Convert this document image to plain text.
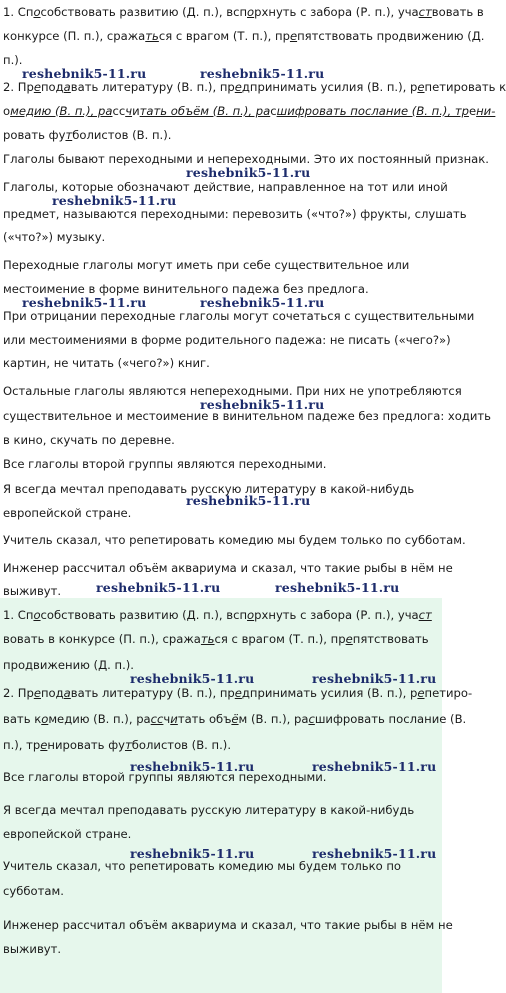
1. Способствовать развитию (Д. п.), вспорхнуть с забора (Р. п.), участвовать в
конкурсе (П. п.), сражаться с врагом (Т. п.), препятствовать продвижению (Д.
п.).
reshebnik5-11.ru	reshebnik5-11.ru
2. Преподавать литературу (В. п.), предпринимать усилия (В. п.), репетировать к
омедию (В. п.), рассчитать объём (В. п.), расшифровать послание (В. п.), трени-
ровать футболистов (В. п.).
Глаголы бывают переходными и непереходными. Это их постоянный признак.
reshebnik5-11.ru
Глаголы, которые обозначают действие, направленное на тот или иной
reshebnik5-11.ru
предмет, называются переходными: перевозить («что?») фрукты, слушать
(«что?») музыку.
Переходные глаголы могут иметь при себе существительное или
местоимение в форме винительного падежа без предлога.
reshebnik5-11.ru	reshebnik5-11.ru
При отрицании переходные глаголы могут сочетаться с существительными
или местоимениями в форме родительного падежа: не писать («чего?»)
картин, не читать («чего?») книг.
Остальные глаголы являются непереходными. При них не употребляются
reshebnik5-11.ru
существительное и местоимение в винительном падеже без предлога: ходить
в кино, скучать по деревне.
Все глаголы второй группы являются переходными.
Я всегда мечтал преподавать русскую литературу в какой-нибудь
reshebnik5-11.ru
европейской стране.
Учитель сказал, что репетировать комедию мы будем только по субботам.
Инженер рассчитал объём аквариума и сказал, что такие рыбы в нём не
выживут.	reshebnik5-11.ru	reshebnik5-11.ru
1. Способствовать развитию (Д. п.), вспорхнуть с забора (Р. п.), участ
вовать в конкурсе (П. п.), сражаться с врагом (Т. п.), препятствовать
продвижению (Д. п.).
reshebnik5-11.ru	reshebnik5-11.ru
2. Преподавать литературу (В. п.), предпринимать усилия (В. п.), репетиро-
вать комедию (В. п.), рассчитать объём (В. п.), расшифровать послание (В.
п.), тренировать футболистов (В. п.).
reshebnik5-11.ru	reshebnik5-11.ru
Все глаголы второй группы являются переходными.
Я всегда мечтал преподавать русскую литературу в какой-нибудь
европейской стране.
reshebnik5-11.ru	reshebnik5-11.ru
Учитель сказал, что репетировать комедию мы будем только по
субботам.
Инженер рассчитал объём аквариума и сказал, что такие рыбы в нём не
выживут.
